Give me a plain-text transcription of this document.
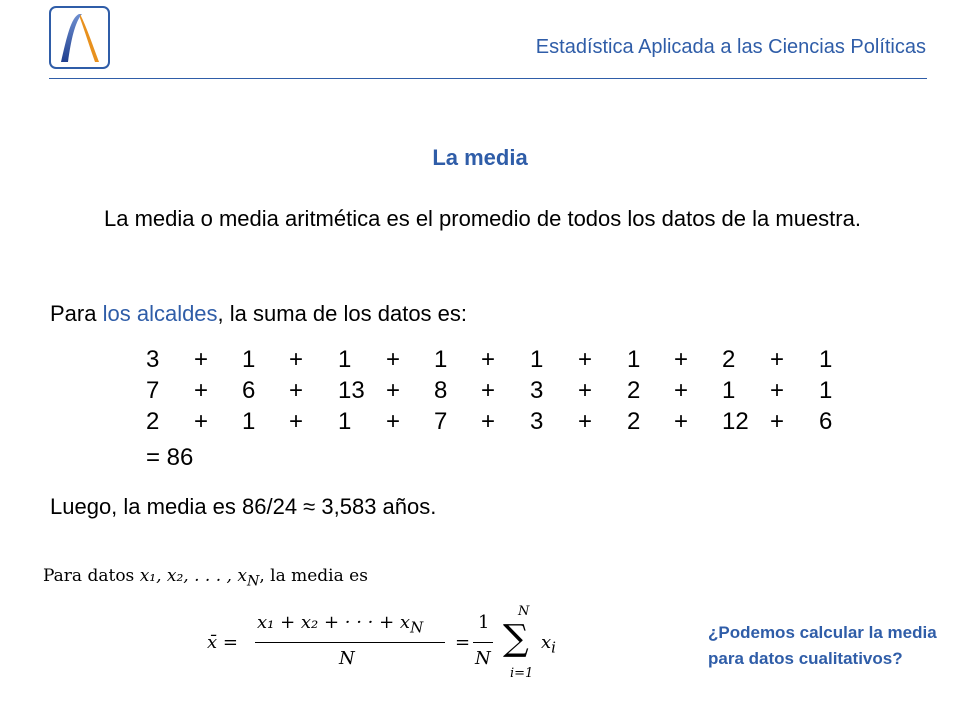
Estadística Aplicada a las Ciencias Políticas
La media
La media o media aritmética es el promedio de todos los datos de la muestra.
Para los alcaldes, la suma de los datos es:
3 + 1 + 1 + 1 + 1 + 1 + 2 + 1
7 + 6 + 13 + 8 + 3 + 2 + 1 + 1
2 + 1 + 1 + 7 + 3 + 2 + 12 + 6
= 86
Luego, la media es 86/24 ≈ 3,583 años.
Para datos x₁, x₂, . . . , $x_N$, la media es
x̄ =
x₁ + x₂ + · · · + $x_N$
N
=
1
N
N
∑
i=1
$x_i$
¿Podemos calcular la media para datos cualitativos?
